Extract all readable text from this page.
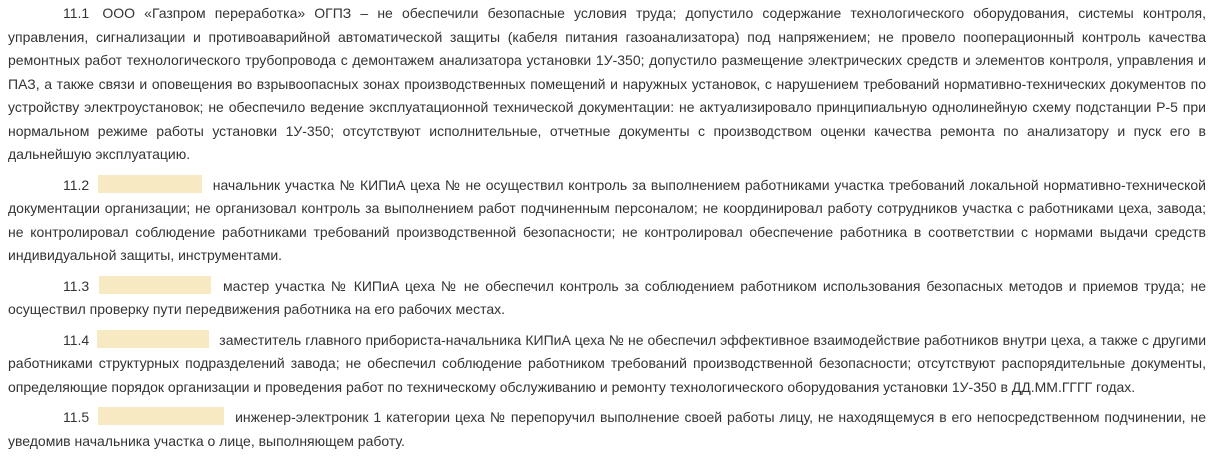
11.1 ООО «Газпром переработка» ОГПЗ – не обеспечили безопасные условия труда; допустило содержание технологического оборудования, системы контроля, управления, сигнализации и противоаварийной автоматической защиты (кабеля питания газоанализатора) под напряжением; не провело пооперационный контроль качества ремонтных работ технологического трубопровода с демонтажем анализатора установки 1У-350; допустило размещение электрических средств и элементов контроля, управления и ПАЗ, а также связи и оповещения во взрывоопасных зонах производственных помещений и наружных установок, с нарушением требований нормативно-технических документов по устройству электроустановок; не обеспечило ведение эксплуатационной технической документации: не актуализировало принципиальную однолинейную схему подстанции Р-5 при нормальном режиме работы установки 1У-350; отсутствуют исполнительные, отчетные документы с производством оценки качества ремонта по анализатору и пуск его в дальнейшую эксплуатацию.

11.2	начальник участка № КИПиА цеха № не осуществил контроль за выполнением работниками участка требований локальной нормативно-технической документации организации; не организовал контроль за выполнением работ подчиненным персоналом; не координировал работу сотрудников участка с работниками цеха, завода; не контролировал соблюдение работниками требований производственной безопасности; не контролировал обеспечение работника в соответствии с нормами выдачи средств индивидуальной защиты, инструментами.

11.3	мастер участка № КИПиА цеха № не обеспечил контроль за соблюдением работником использования безопасных методов и приемов труда; не осуществил проверку пути передвижения работника на его рабочих местах.

11.4	заместитель главного прибориста-начальника КИПиА цеха № не обеспечил эффективное взаимодействие работников внутри цеха, а также с другими работниками структурных подразделений завода; не обеспечил соблюдение работником требований производственной безопасности; отсутствуют распорядительные документы, определяющие порядок организации и проведения работ по техническому обслуживанию и ремонту технологического оборудования установки 1У-350 в ДД.ММ.ГГГГ годах.

11.5	инженер-электроник 1 категории цеха № перепоручил выполнение своей работы лицу, не находящемуся в его непосредственном подчинении, не уведомив начальника участка о лице, выполняющем работу.
